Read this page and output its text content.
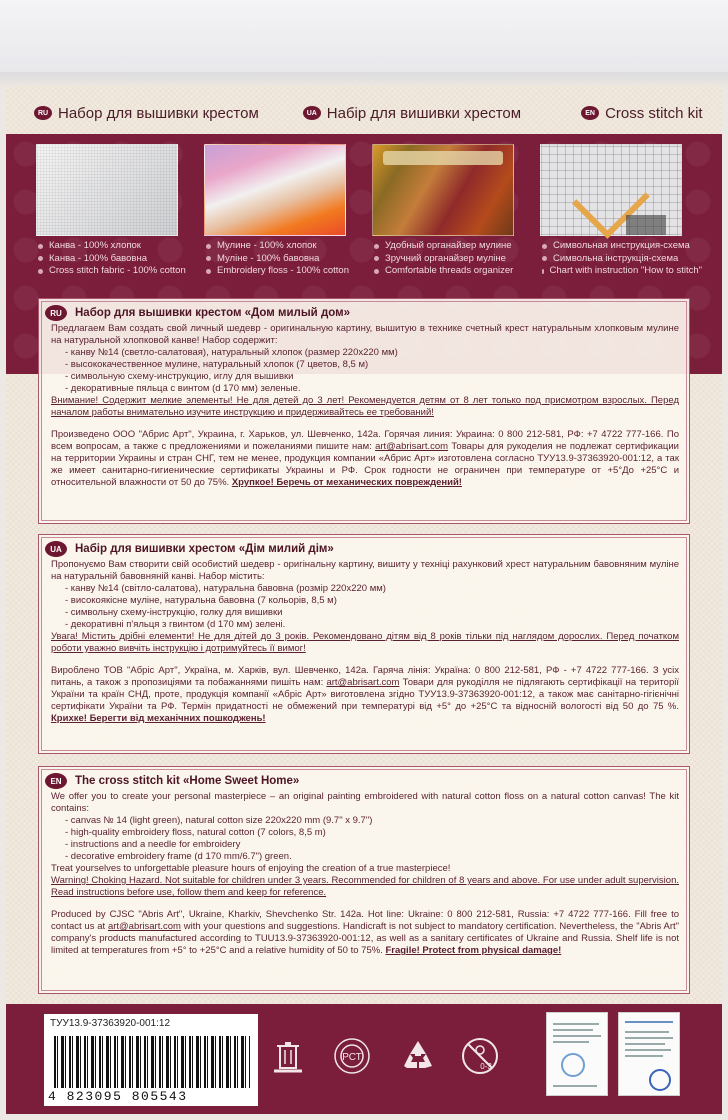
RU Набор для вышивки крестом	UA Набір для вишивки хрестом	EN Cross stitch kit
Канва - 100% хлопок
Канва - 100% бавовна
Cross stitch fabric - 100% cotton
Мулине - 100% хлопок
Муліне - 100% бавовна
Embroidery floss - 100% cotton
Удобный органайзер мулине
Зручний органайзер муліне
Comfortable threads organizer
Символьная инструкция-схема
Символьна інструкція-схема
Chart with instruction "How to stitch"
RU	Набор для вышивки крестом «Дом милый дом»

Предлагаем Вам создать свой личный шедевр - оригинальную картину, вышитую в технике счетный крест натуральным хлопковым мулине на натуральной хлопковой канве! Набор содержит:

- канву №14 (светло-салатовая), натуральный хлопок (размер 220х220 мм)
- высококачественное мулине, натуральный хлопок (7 цветов, 8,5 м)
- символьную схему-инструкцию, иглу для вышивки
- декоративные пяльца с винтом (d 170 мм) зеленые.

Внимание! Содержит мелкие элементы! Не для детей до 3 лет! Рекомендуется детям от 8 лет только под присмотром взрослых. Перед началом работы внимательно изучите инструкцию и придерживайтесь ее требований!

Произведено ООО "Абрис Арт", Украина, г. Харьков, ул. Шевченко, 142а. Горячая линия: Украина: 0 800 212-581, РФ: +7 4722 777-166. По всем вопросам, а также с предложениями и пожеланиями пишите нам: art@abrisart.com Товары для рукоделия не подлежат сертификации на территории Украины и стран СНГ, тем не менее, продукция компании «Абрис Арт» изготовлена согласно ТУУ13.9-37363920-001:12, а так же имеет санитарно-гигиенические сертификаты Украины и РФ. Срок годности не ограничен при температуре от +5°До +25°С и относительной влажности от 50 до 75%. Хрупкое! Беречь от механических повреждений!

UA	Набір для вишивки хрестом «Дім милий дім»

Пропонуємо Вам створити свій особистий шедевр - оригінальну картину, вишиту у техніці рахунковий хрест натуральним бавовняним муліне на натуральній бавовняній канві. Набор містить:

- канву №14 (світло-салатова), натуральна бавовна (розмір 220х220 мм)
- високоякісне муліне, натуральна бавовна (7 кольорів, 8,5 м)
- символьну схему-інструкцію, голку для вишивки
- декоративні п'яльця з гвинтом (d 170 мм) зелені.

Увага! Містить дрібні елементи! Не для дітей до 3 років. Рекомендовано дітям від 8 років тільки під наглядом дорослих. Перед початком роботи уважно вивчіть інструкцію і дотримуйтесь її вимог!

Вироблено ТОВ "Абріс Арт", Україна, м. Харків, вул. Шевченко, 142а. Гаряча лінія: Україна: 0 800 212-581, РФ - +7 4722 777-166. З усіх питань, а також з пропозиціями та побажаннями пишіть нам: art@abrisart.com Товари для рукоділля не підлягають сертифікації на території України та країн СНД, проте, продукція компанії «Абріс Арт» виготовлена згідно ТУУ13.9-37363920-001:12, а також має санітарно-гігієнічні сертифікати України та РФ. Термін придатності не обмежений при температурі від +5° до +25°С та відносній вологості від 50 до 75 %. Крихке! Берегти від механічних пошкоджень!

EN	The cross stitch kit «Home Sweet Home»

We offer you to create your personal masterpiece – an original painting embroidered with natural cotton floss on a natural cotton canvas! The kit contains:

- canvas № 14 (light green), natural cotton size 220x220 mm (9.7" x 9.7")
- high-quality embroidery floss, natural cotton (7 colors, 8,5 m)
- instructions and a needle for embroidery
- decorative embroidery frame (d 170 mm/6.7") green.

Treat yourselves to unforgettable pleasure hours of enjoying the creation of a true masterpiece!

Warning! Choking Hazard. Not suitable for children under 3 years. Recommended for children of 8 years and above. For use under adult supervision. Read instructions before use, follow them and keep for reference.

Produced by CJSC "Abris Art", Ukraine, Kharkiv, Shevchenko Str. 142a. Hot line: Ukraine: 0 800 212-581, Russia: +7 4722 777-166. Fill free to contact us at art@abrisart.com with your questions and suggestions. Handicraft is not subject to mandatory certification. Nevertheless, the "Abris Art" company's products manufactured according to TUU13.9-37363920-001:12, as well as a sanitary certificates of Ukraine and Russia. Shelf life is not limited at temperatures from +5° to +25°C and a relative humidity of 50 to 75%. Fragile! Protect from physical damage!

ТУУ13.9-37363920-001:12
4 823095 805543
РСТ
0-3
